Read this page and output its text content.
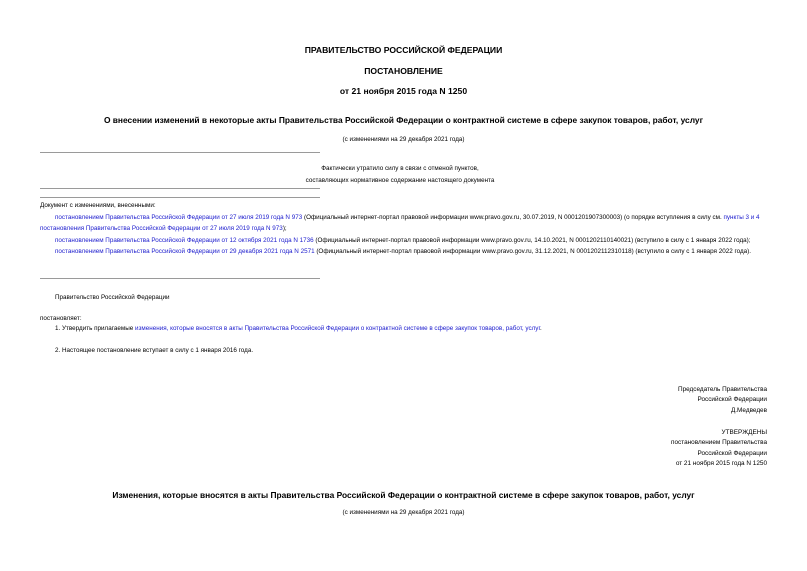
ПРАВИТЕЛЬСТВО РОССИЙСКОЙ ФЕДЕРАЦИИ
ПОСТАНОВЛЕНИЕ
от 21 ноября 2015 года N 1250
О внесении изменений в некоторые акты Правительства Российской Федерации о контрактной системе в сфере закупок товаров, работ, услуг
(с изменениями на 29 декабря 2021 года)
Фактически утратило силу в связи с отменой пунктов,
составляющих нормативное содержание настоящего документа
Документ с изменениями, внесенными:
постановлением Правительства Российской Федерации от 27 июля 2019 года N 973 (Официальный интернет-портал правовой информации www.pravo.gov.ru, 30.07.2019, N 0001201907300003) (о порядке вступления в силу см. пункты 3 и 4 постановления Правительства Российской Федерации от 27 июля 2019 года N 973);
постановлением Правительства Российской Федерации от 12 октября 2021 года N 1736 (Официальный интернет-портал правовой информации www.pravo.gov.ru, 14.10.2021, N 0001202110140021) (вступило в силу с 1 января 2022 года);
постановлением Правительства Российской Федерации от 29 декабря 2021 года N 2571 (Официальный интернет-портал правовой информации www.pravo.gov.ru, 31.12.2021, N 0001202112310118) (вступило в силу с 1 января 2022 года).
Правительство Российской Федерации
постановляет:
1. Утвердить прилагаемые изменения, которые вносятся в акты Правительства Российской Федерации о контрактной системе в сфере закупок товаров, работ, услуг.
2. Настоящее постановление вступает в силу с 1 января 2016 года.
Председатель Правительства
Российской Федерации
Д.Медведев
УТВЕРЖДЕНЫ
постановлением Правительства
Российской Федерации
от 21 ноября 2015 года N 1250
Изменения, которые вносятся в акты Правительства Российской Федерации о контрактной системе в сфере закупок товаров, работ, услуг
(с изменениями на 29 декабря 2021 года)
